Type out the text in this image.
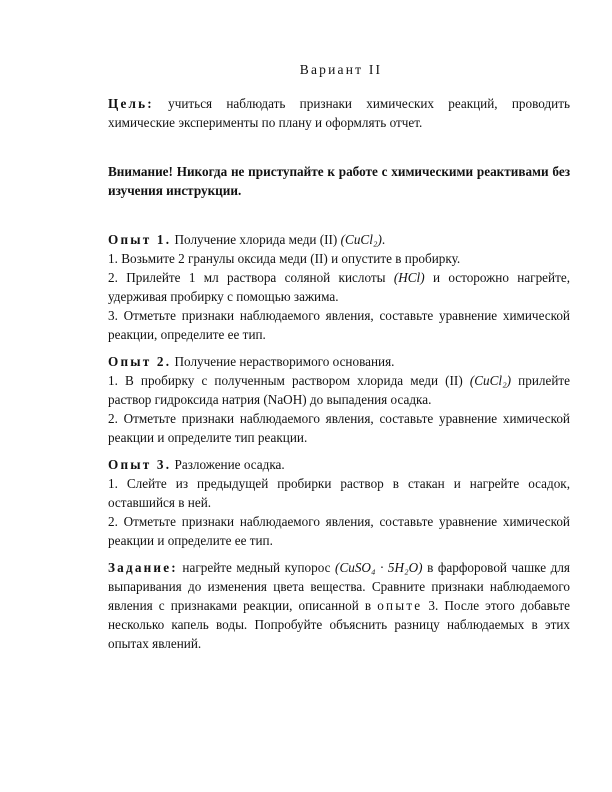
Вариант II

Цель: учиться наблюдать признаки химических реакций, проводить химические эксперименты по плану и оформлять отчет.

Внимание! Никогда не приступайте к работе с химическими реактивами без изучения инструкции.

Опыт 1. Получение хлорида меди (II) (CuCl₂).

1. Возьмите 2 гранулы оксида меди (II) и опустите в пробирку.

2. Прилейте 1 мл раствора соляной кислоты (HCl) и осторожно нагрейте, удерживая пробирку с помощью зажима.

3. Отметьте признаки наблюдаемого явления, составьте уравнение химической реакции, определите ее тип.

Опыт 2. Получение нерастворимого основания.

1. В пробирку с полученным раствором хлорида меди (II) (CuCl₂) прилейте раствор гидроксида натрия (NaOH) до выпадения осадка.

2. Отметьте признаки наблюдаемого явления, составьте уравнение химической реакции и определите тип реакции.

Опыт 3. Разложение осадка.

1. Слейте из предыдущей пробирки раствор в стакан и нагрейте осадок, оставшийся в ней.

2. Отметьте признаки наблюдаемого явления, составьте уравнение химической реакции и определите ее тип.

Задание: нагрейте медный купорос (CuSO₄ · 5H₂O) в фарфоровой чашке для выпаривания до изменения цвета вещества. Сравните признаки наблюдаемого явления с признаками реакции, описанной в опыте 3. После этого добавьте несколько капель воды. Попробуйте объяснить разницу наблюдаемых в этих опытах явлений.
